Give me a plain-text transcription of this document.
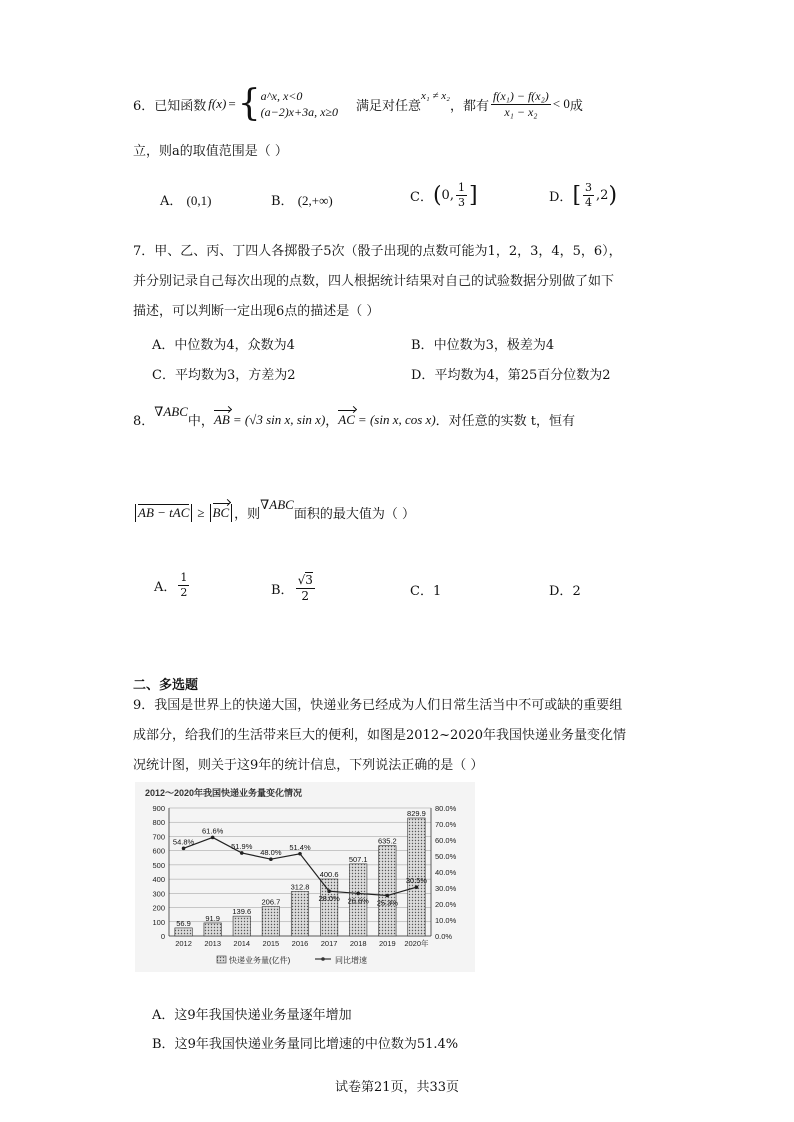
6． 已知函数 f(x) = { a^x, x<0
(a−2)x+3a, x≥0 满足对任意
x₁ ≠ x₂
，都有 $\frac{\text{f(x₁) − f(x₂)}}{\text{x₁ − x₂}} < 0$ 成
立，则a的取值范围是（ ）
A． (0,1)	B． (2,+∞)	C． ( 0, $\frac{1}{3}$ ]	D． [ $\frac{3}{4} ,2$ )
7．甲、乙、丙、丁四人各掷骰子5次（骰子出现的点数可能为1，2，3，4，5，6），
并分别记录自己每次出现的点数，四人根据统计结果对自己的试验数据分别做了如下
描述，可以判断一定出现6点的描述是（ ）
A．中位数为4，众数为4	B．中位数为3，极差为4
C．平均数为3，方差为2	D．平均数为4，第25百分位数为2
8．
∇ABC
中， AB = (√3 sin x, sin x) ， AC = (sin x, cos x) ．对任意的实数 t，恒有
AB − tAC ≥ BC ，则
∇ABC
面积的最大值为（ ）
A． $\frac{1}{2}$	B． $\frac{√3}{2}$	C．1	D．2
二、多选题
9．我国是世界上的快递大国，快递业务已经成为人们日常生活当中不可或缺的重要组
成部分，给我们的生活带来巨大的便利，如图是2012~2020年我国快递业务量变化情
况统计图，则关于这9年的统计信息，下列说法正确的是（ ）
2012～2020年我国快递业务量变化情况
0
100
200
300
400
500
600
700
800
900
0.0%
10.0%
20.0%
30.0%
40.0%
50.0%
60.0%
70.0%
80.0%
56.9
91.9
139.6
206.7
312.8
400.6
507.1
635.2
829.9
54.8%
61.6%
51.9%
48.0%
51.4%
28.0% 26.6% 25.3%
30.5%
2012 2013 2014 2015 2016 2017 2018 2019 2020年
快递业务量(亿件)	同比增速
A．这9年我国快递业务量逐年增加
B．这9年我国快递业务量同比增速的中位数为51.4%
试卷第21页，共33页
